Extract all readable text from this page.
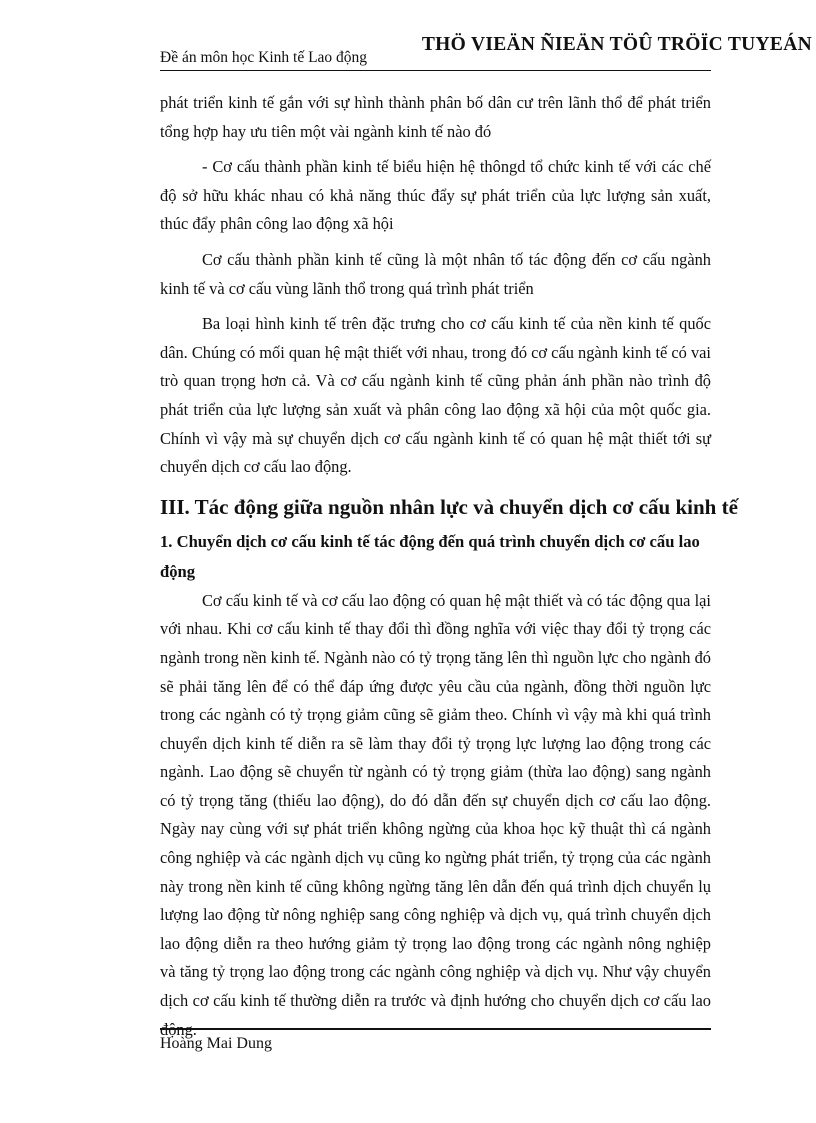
Đề án môn học Kinh tế Lao động
THÖ VIEÄN ÑIEÄN TÖÛ TRÖÏC TUYEÁN

phát triển kinh tế gắn với sự hình thành phân bố dân cư trên lãnh thổ để phát triển tổng hợp hay ưu tiên một vài ngành kinh tế nào đó

- Cơ cấu thành phần kinh tế biểu hiện hệ thôngd tổ chức kinh tế với các chế độ sở hữu khác nhau có khả năng thúc đẩy sự phát triển của lực lượng sản xuất, thúc đẩy phân công lao động xã hội

Cơ cấu thành phần kinh tế cũng là một nhân tố tác động đến cơ cấu ngành kinh tế và cơ cấu vùng lãnh thổ trong quá trình phát triển

Ba loại hình kinh tế trên đặc trưng cho cơ cấu kinh tế của nền kinh tế quốc dân. Chúng có mối quan hệ mật thiết với nhau, trong đó cơ cấu ngành kinh tế có vai trò quan trọng hơn cả. Và cơ cấu ngành kinh tế cũng phản ánh phần nào trình độ phát triển của lực lượng sản xuất và phân công lao động xã hội của một quốc gia. Chính vì vậy mà sự chuyển dịch cơ cấu ngành kinh tế có quan hệ mật thiết tới sự chuyển dịch cơ cấu lao động.

III. Tác động giữa nguồn nhân lực và chuyển dịch cơ cấu kinh tế
1. Chuyển dịch cơ cấu kinh tế tác động đến quá trình chuyển dịch cơ cấu lao động

Cơ cấu kinh tế và cơ cấu lao động có quan hệ mật thiết và có tác động qua lại với nhau. Khi cơ cấu kinh tế thay đổi thì đồng nghĩa với việc thay đổi tỷ trọng các ngành trong nền kinh tế. Ngành nào có tỷ trọng tăng lên thì nguồn lực cho ngành đó sẽ phải tăng lên để có thể đáp ứng được yêu cầu của ngành, đồng thời nguồn lực trong các ngành có tỷ trọng giảm cũng sẽ giảm theo. Chính vì vậy mà khi quá trình chuyển dịch kinh tế diễn ra sẽ làm thay đổi tỷ trọng lực lượng lao động trong các ngành. Lao động sẽ chuyển từ ngành có tỷ trọng giảm (thừa lao động) sang ngành có tỷ trọng tăng (thiếu lao động), do đó dẫn đến sự chuyển dịch cơ cấu lao động. Ngày nay cùng với sự phát triển không ngừng của khoa học kỹ thuật thì cá ngành công nghiệp và các ngành dịch vụ cũng ko ngừng phát triển, tỷ trọng của các ngành này trong nền kinh tế cũng không ngừng tăng lên dẫn đến quá trình dịch chuyển lụ lượng lao động từ nông nghiệp sang công nghiệp và dịch vụ, quá trình chuyển dịch lao động diễn ra theo hướng giảm tỷ trọng lao động trong các ngành nông nghiệp và tăng tỷ trọng lao động trong các ngành công nghiệp và dịch vụ. Như vậy chuyển dịch cơ cấu kinh tế thường diễn ra trước và định hướng cho chuyển dịch cơ cấu lao động.

Hoàng Mai Dung
